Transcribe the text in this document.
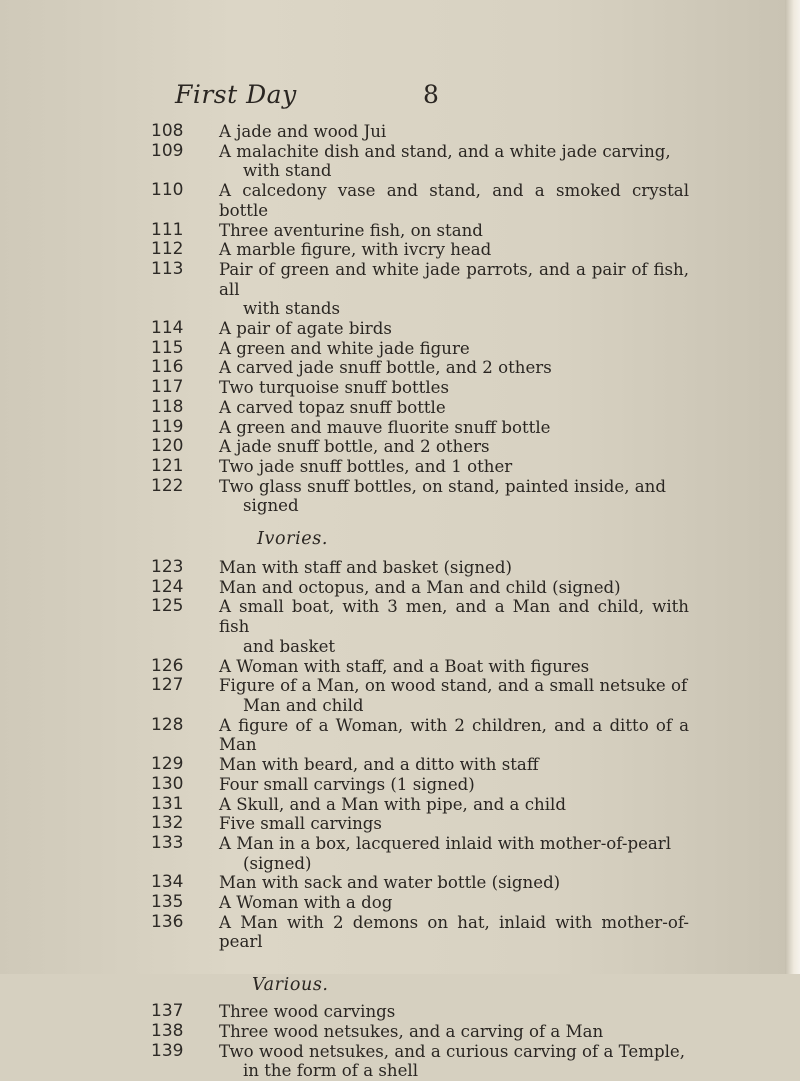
First Day	8
108	A jade and wood Jui
109	A malachite dish and stand, and a white jade carving,
with stand
110	A calcedony vase and stand, and a smoked crystal bottle
111	Three aventurine fish, on stand
112	A marble figure, with ivcry head
113	Pair of green and white jade parrots, and a pair of fish, all
with stands
114	A pair of agate birds
115	A green and white jade figure
116	A carved jade snuff bottle, and 2 others
117	Two turquoise snuff bottles
118	A carved topaz snuff bottle
119	A green and mauve fluorite snuff bottle
120	A jade snuff bottle, and 2 others
121	Two jade snuff bottles, and 1 other
122	Two glass snuff bottles, on stand, painted inside, and
signed
Ivories.
123	Man with staff and basket (signed)
124	Man and octopus, and a Man and child (signed)
125	A small boat, with 3 men, and a Man and child, with fish
and basket
126	A Woman with staff, and a Boat with figures
127	Figure of a Man, on wood stand, and a small netsuke of
Man and child
128	A figure of a Woman, with 2 children, and a ditto of a Man
129	Man with beard, and a ditto with staff
130	Four small carvings (1 signed)
131	A Skull, and a Man with pipe, and a child
132	Five small carvings
133	A Man in a box, lacquered inlaid with mother-of-pearl
(signed)
134	Man with sack and water bottle (signed)
135	A Woman with a dog
136	A Man with 2 demons on hat, inlaid with mother-of-pearl
Various.
137	Three wood carvings
138	Three wood netsukes, and a carving of a Man
139	Two wood netsukes, and a curious carving of a Temple,
in the form of a shell
